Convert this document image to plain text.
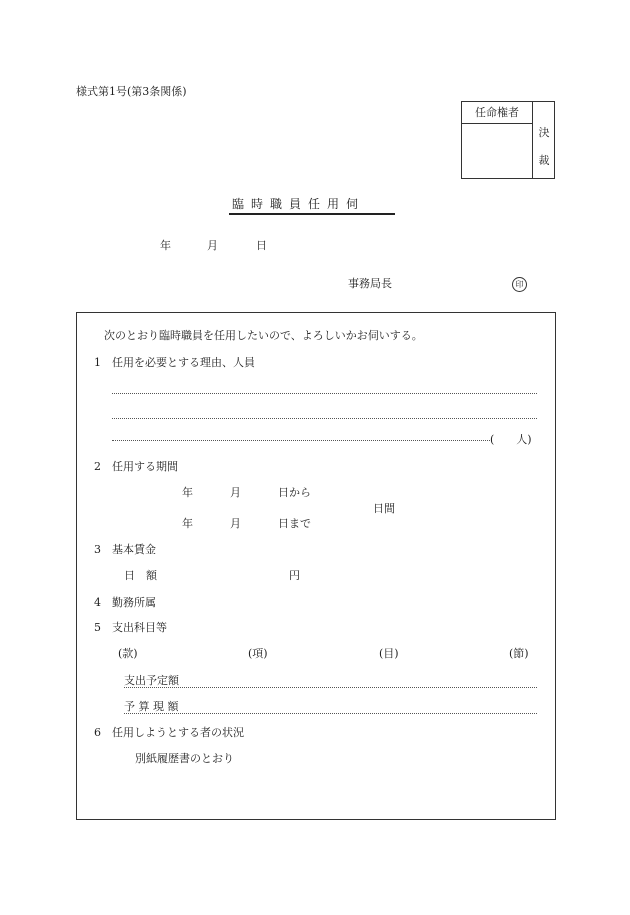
様式第1号(第3条関係)
任命権者
決
裁
臨時職員任用伺
年	月	日
事務局長	印
次のとおり臨時職員を任用したいので、よろしいかお伺いする。
1 任用を必要とする理由、人員
(　　人)
2 任用する期間
年	月	日から
日間
年	月	日まで
3 基本賃金
日　額	円
4 勤務所属
5 支出科目等
(款)	(項)	(目)	(節)
支出予定額
予 算 現 額
6 任用しようとする者の状況
別紙履歴書のとおり
